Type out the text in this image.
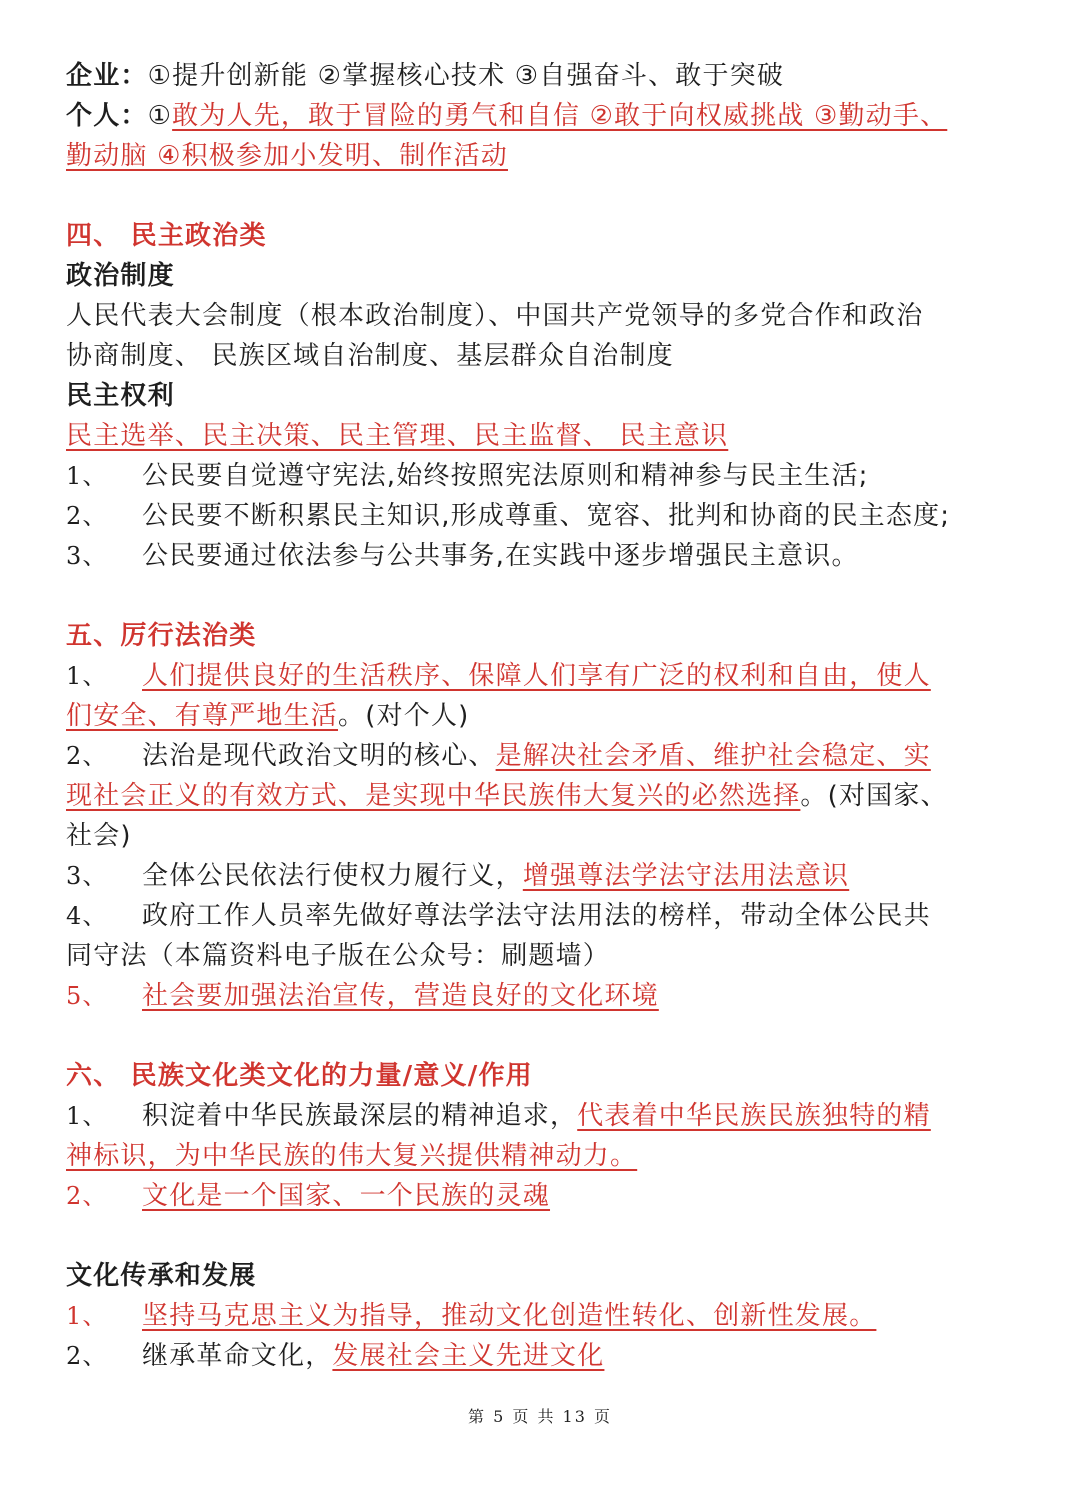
企业：①提升创新能 ②掌握核心技术 ③自强奋斗、敢于突破
个人：①敢为人先，敢于冒险的勇气和自信 ②敢于向权威挑战 ③勤动手、
勤动脑 ④积极参加小发明、制作活动
四、 民主政治类
政治制度
人民代表大会制度（根本政治制度）、中国共产党领导的多党合作和政治
协商制度、 民族区域自治制度、基层群众自治制度
民主权利
民主选举、民主决策、民主管理、民主监督、 民主意识
1、 公民要自觉遵守宪法,始终按照宪法原则和精神参与民主生活;
2、 公民要不断积累民主知识,形成尊重、宽容、批判和协商的民主态度;
3、 公民要通过依法参与公共事务,在实践中逐步增强民主意识。
五、厉行法治类
1、 人们提供良好的生活秩序、保障人们享有广泛的权利和自由，使人
们安全、有尊严地生活。(对个人)
2、 法治是现代政治文明的核心、是解决社会矛盾、维护社会稳定、实
现社会正义的有效方式、是实现中华民族伟大复兴的必然选择。(对国家、
社会)
3、 全体公民依法行使权力履行义，增强尊法学法守法用法意识
4、 政府工作人员率先做好尊法学法守法用法的榜样，带动全体公民共
同守法（本篇资料电子版在公众号：刷题墙）
5、 社会要加强法治宣传，营造良好的文化环境
六、 民族文化类文化的力量/意义/作用
1、 积淀着中华民族最深层的精神追求，代表着中华民族民族独特的精
神标识，为中华民族的伟大复兴提供精神动力。
2、 文化是一个国家、一个民族的灵魂
文化传承和发展
1、 坚持马克思主义为指导，推动文化创造性转化、创新性发展。
2、 继承革命文化，发展社会主义先进文化
第 5 页 共 13 页
